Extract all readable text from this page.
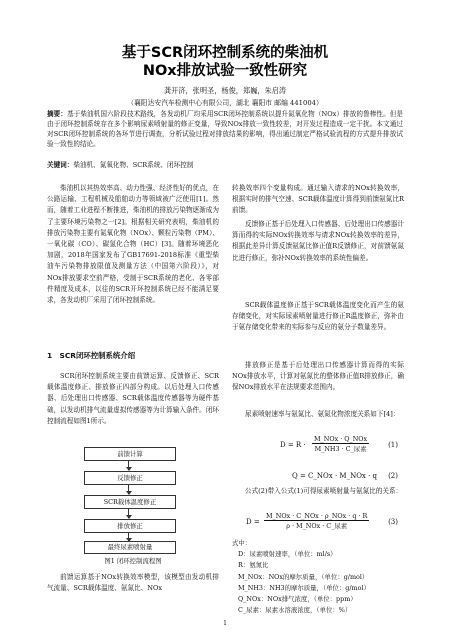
基于SCR闭环控制系统的柴油机
NOx排放试验一致性研究
龚开济，张明圣，杨俊，郑巍，朱启涛
（襄阳达安汽车检测中心有限公司，湖北 襄阳市 邮编 441004）
摘要：基于柴油机国六阶段技术路线，各发动机厂均采用SCR闭环控制系统以提升氮氧化物（NOx）排放的鲁棒性。但是由于闭环控制系统存在多个影响尿素喷射量的修正变量，导致NOx排放一致性较差，对开发过程造成一定干扰。本文通过对SCR闭环控制系统的各环节进行调查，分析试验过程对排放结果的影响，得出通过制定严格试验流程的方式提升排放试验一致性的结论。
关键词：柴油机、氮氧化物、SCR系统、闭环控制

柴油机以其热效率高、动力性强、经济性好的优点，在公路运输、工程机械及船舶动力等领域被广泛使用[1]。然而，随着工业进程不断推进，柴油机的排放污染物逐渐成为了主要环境污染物之一[2]。根据相关研究表明，柴油机的排放污染物主要有氮氧化物（NOx）、颗粒污染物（PM）、一氧化碳（CO）、碳氢化合物（HC）[3]。随着环境恶化加剧，2018年国家发布了GB17691-2018标准《重型柴油车污染物排放限值及测量方法（中国第六阶段）》，对NOx排放要求空前严格，受制于SCR系统的老化、各零部件精度及成本，以往的SCR开环控制系统已经不能满足要求，各发动机厂采用了闭环控制系统。

1　SCR闭环控制系统介绍

SCR闭环控制系统主要由前馈运算、反馈修正、SCR载体温度修正、排放修正四部分构成。以后处理入口传感器、后处理出口传感器、SCR载体温度传感器等为硬件基础，以发动机排气流量虚拟传感器等为计算输入条件。闭环控制流程如图1所示。

前馈计算
反馈修正
SCR载体温度修正
排放修正
最终尿素喷射量
图1 闭环控制流程图

前馈运算基于NOx转换效率模型，该模型由发动机排气流量、SCR载体温度、氨氮比、NOx

转换效率四个变量构成。通过输入请求的NOx转换效率，根据实时的排气空速、SCR载体温度计算得到前馈氨氮比R前馈。

反馈修正基于后处理入口传感器、后处理出口传感器计算而得的实际NOx转换效率与请求NOx转换效率的差异，根据此差异计算反馈氨氮比修正值R反馈修正，对前馈氨氮比进行修正，弥补NOx转换效率的系统性偏差。

SCR载体温度修正基于SCR载体温度变化而产生的氨存储变化，对实际尿素喷射量进行修正R温度修正，弥补由于氨存储变化带来的实际参与反应的氨分子数量差异。

排放修正是基于后处理出口传感器计算而得的实际NOx排放水平，计算对氨氮比的整体修正值R排放修正，确保NOx排放水平在法规要求范围内。

尿素喷射速率与氨氮比、氨氮化物浓度关系如下[4]：

D = R ·
M_NOx · Q_NOx
M_NH3 · C_尿素	(1)
Q = C_NOx · M_NOx · q (2)

公式(2)带入公式(1)可得尿素喷射量与氨氮比的关系：

D =
M_NOx · C_NOx · ρ_NOx · q · R
ρ · M_NOx · C_尿素	(3)
式中：
D：尿素喷射速率，（单位：ml/s）
R：氨氮比
M_NOx：NOx的摩尔质量，（单位：g/mol）
M_NH3：NH3的摩尔质量，（单位：g/mol）
Q_NOx：NOx排气浓度，（单位：ppm）
C_尿素：尿素水溶液浓度，（单位：%）
1
